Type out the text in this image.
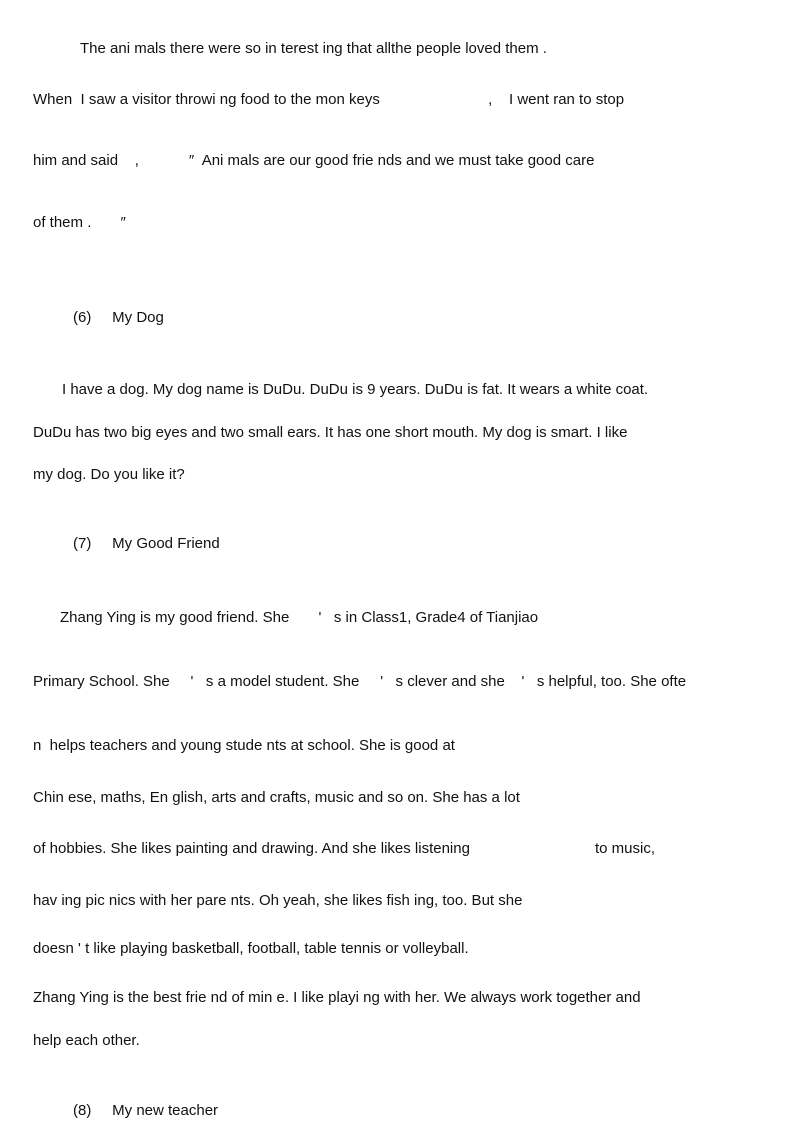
The ani mals there were so in terest ing that allthe people loved them .

When  I saw a visitor throwi ng food to the mon keys                          ,    I went ran to stop

him and said    ,            ″  Ani mals are our good frie nds and we must take good care

of them .       ″

(6)     My Dog

I have a dog. My dog name is DuDu. DuDu is 9 years. DuDu is fat. It wears a white coat.

DuDu has two big eyes and two small ears. It has one short mouth. My dog is smart. I like

my dog. Do you like it?

(7)     My Good Friend

Zhang Ying is my good friend. She       '   s in Class1, Grade4 of Tianjiao

Primary School. She     '   s a model student. She     '   s clever and she    '   s helpful, too. She ofte

n  helps teachers and young stude nts at school. She is good at

Chin ese, maths, En glish, arts and crafts, music and so on. She has a lot

of hobbies. She likes painting and drawing. And she likes listening                              to music,

hav ing pic nics with her pare nts. Oh yeah, she likes fish ing, too. But she

doesn ' t like playing basketball, football, table tennis or volleyball.

Zhang Ying is the best frie nd of min e. I like playi ng with her. We always work together and

help each other.

(8)     My new teacher
